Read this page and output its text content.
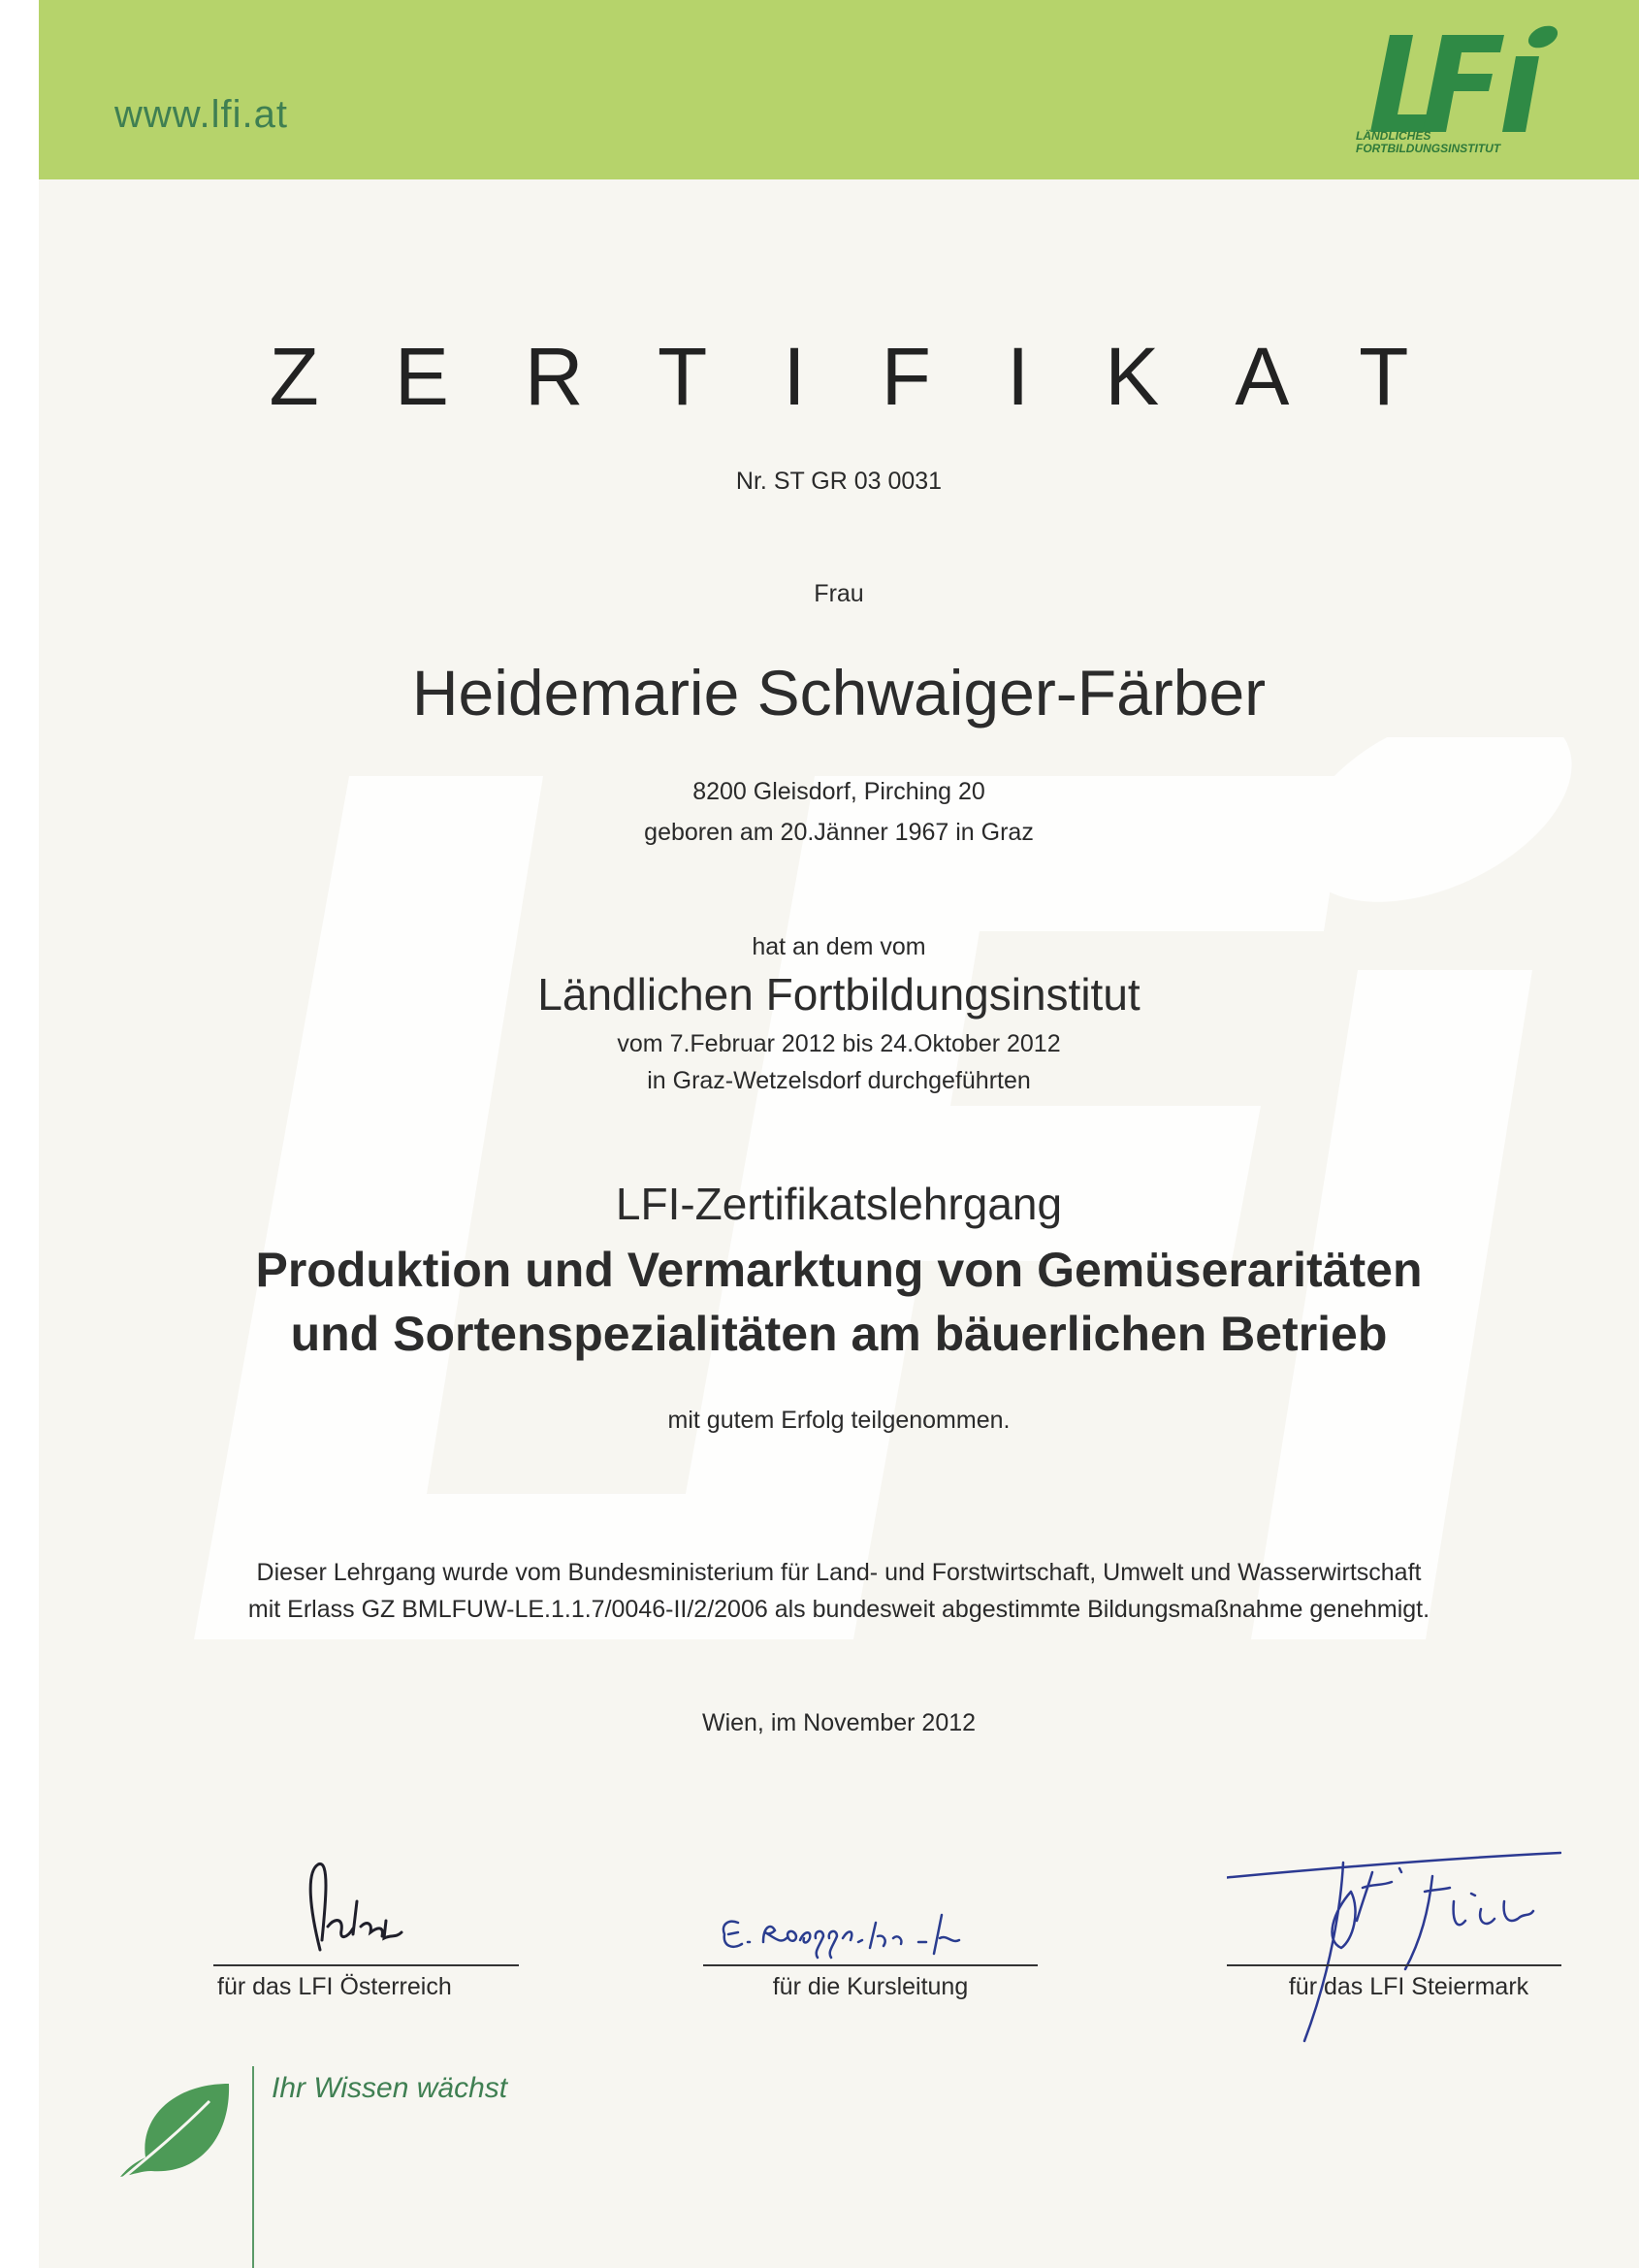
www.lfi.at	LÄNDLICHES
FORTBILDUNGSINSTITUT
ZERTIFIKAT
Nr. ST GR 03 0031
Frau
Heidemarie Schwaiger-Färber
8200 Gleisdorf, Pirching 20
geboren am 20.Jänner 1967 in Graz
hat an dem vom
Ländlichen Fortbildungsinstitut
vom 7.Februar 2012 bis 24.Oktober 2012
in Graz-Wetzelsdorf durchgeführten
LFI-Zertifikatslehrgang
Produktion und Vermarktung von Gemüseraritäten
und Sortenspezialitäten am bäuerlichen Betrieb
mit gutem Erfolg teilgenommen.
Dieser Lehrgang wurde vom Bundesministerium für Land- und Forstwirtschaft, Umwelt und Wasserwirtschaft
mit Erlass GZ BMLFUW-LE.1.1.7/0046-II/2/2006 als bundesweit abgestimmte Bildungsmaßnahme genehmigt.
Wien, im November 2012
für das LFI Österreich	für die Kursleitung	für das LFI Steiermark
Ihr Wissen wächst
